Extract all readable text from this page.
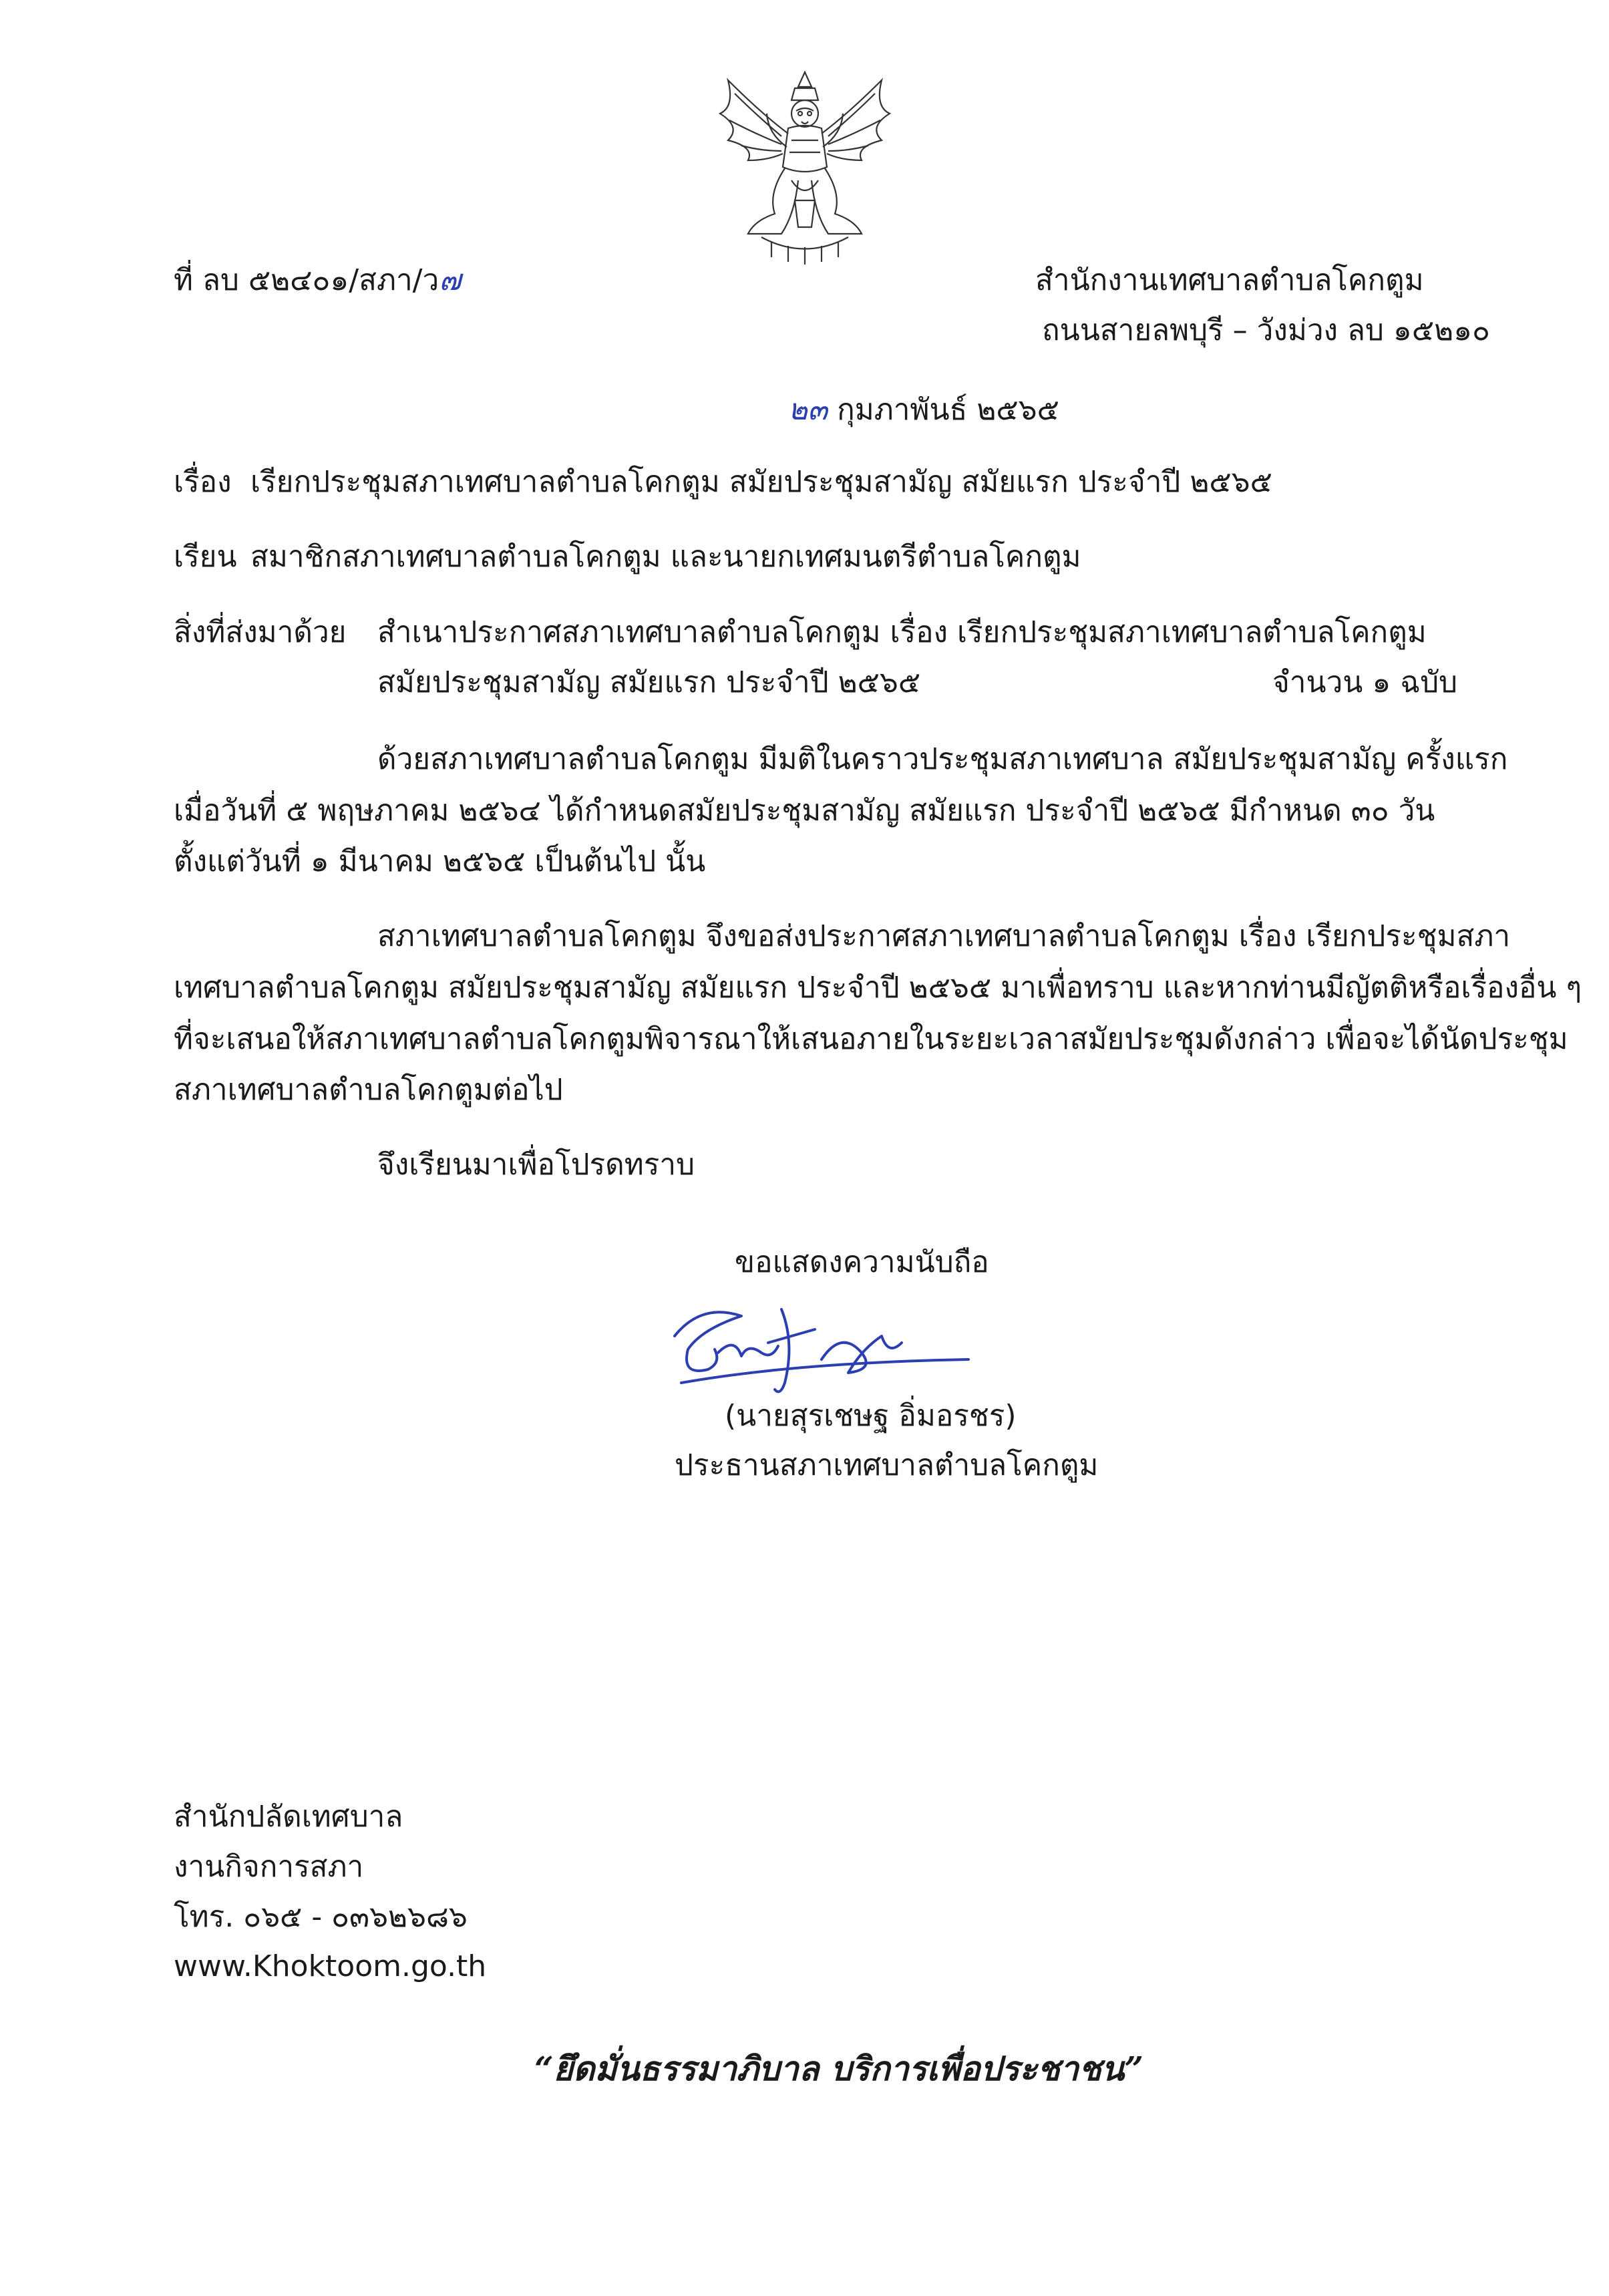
ที่ ลบ ๕๒๔๐๑/สภา/ว๗	สำนักงานเทศบาลตำบลโคกตูม
ถนนสายลพบุรี – วังม่วง ลบ ๑๕๒๑๐
๒๓ กุมภาพันธ์ ๒๕๖๕
เรื่อง เรียกประชุมสภาเทศบาลตำบลโคกตูม สมัยประชุมสามัญ สมัยแรก ประจำปี ๒๕๖๕
เรียน สมาชิกสภาเทศบาลตำบลโคกตูม และนายกเทศมนตรีตำบลโคกตูม
สิ่งที่ส่งมาด้วย สำเนาประกาศสภาเทศบาลตำบลโคกตูม เรื่อง เรียกประชุมสภาเทศบาลตำบลโคกตูม
สมัยประชุมสามัญ สมัยแรก ประจำปี ๒๕๖๕	จำนวน ๑ ฉบับ
ด้วยสภาเทศบาลตำบลโคกตูม มีมติในคราวประชุมสภาเทศบาล สมัยประชุมสามัญ ครั้งแรก
เมื่อวันที่ ๕ พฤษภาคม ๒๕๖๔ ได้กำหนดสมัยประชุมสามัญ สมัยแรก ประจำปี ๒๕๖๕ มีกำหนด ๓๐ วัน
ตั้งแต่วันที่ ๑ มีนาคม ๒๕๖๕ เป็นต้นไป นั้น
สภาเทศบาลตำบลโคกตูม จึงขอส่งประกาศสภาเทศบาลตำบลโคกตูม เรื่อง เรียกประชุมสภา
เทศบาลตำบลโคกตูม สมัยประชุมสามัญ สมัยแรก ประจำปี ๒๕๖๕ มาเพื่อทราบ และหากท่านมีญัตติหรือเรื่องอื่น ๆ
ที่จะเสนอให้สภาเทศบาลตำบลโคกตูมพิจารณาให้เสนอภายในระยะเวลาสมัยประชุมดังกล่าว เพื่อจะได้นัดประชุม
สภาเทศบาลตำบลโคกตูมต่อไป
จึงเรียนมาเพื่อโปรดทราบ
ขอแสดงความนับถือ
(นายสุรเชษฐ อิ่มอรชร)
ประธานสภาเทศบาลตำบลโคกตูม
สำนักปลัดเทศบาล
งานกิจการสภา
โทร. ๐๖๕ - ๐๓๖๒๖๘๖
www.Khoktoom.go.th
“ยึดมั่นธรรมาภิบาล บริการเพื่อประชาชน”
